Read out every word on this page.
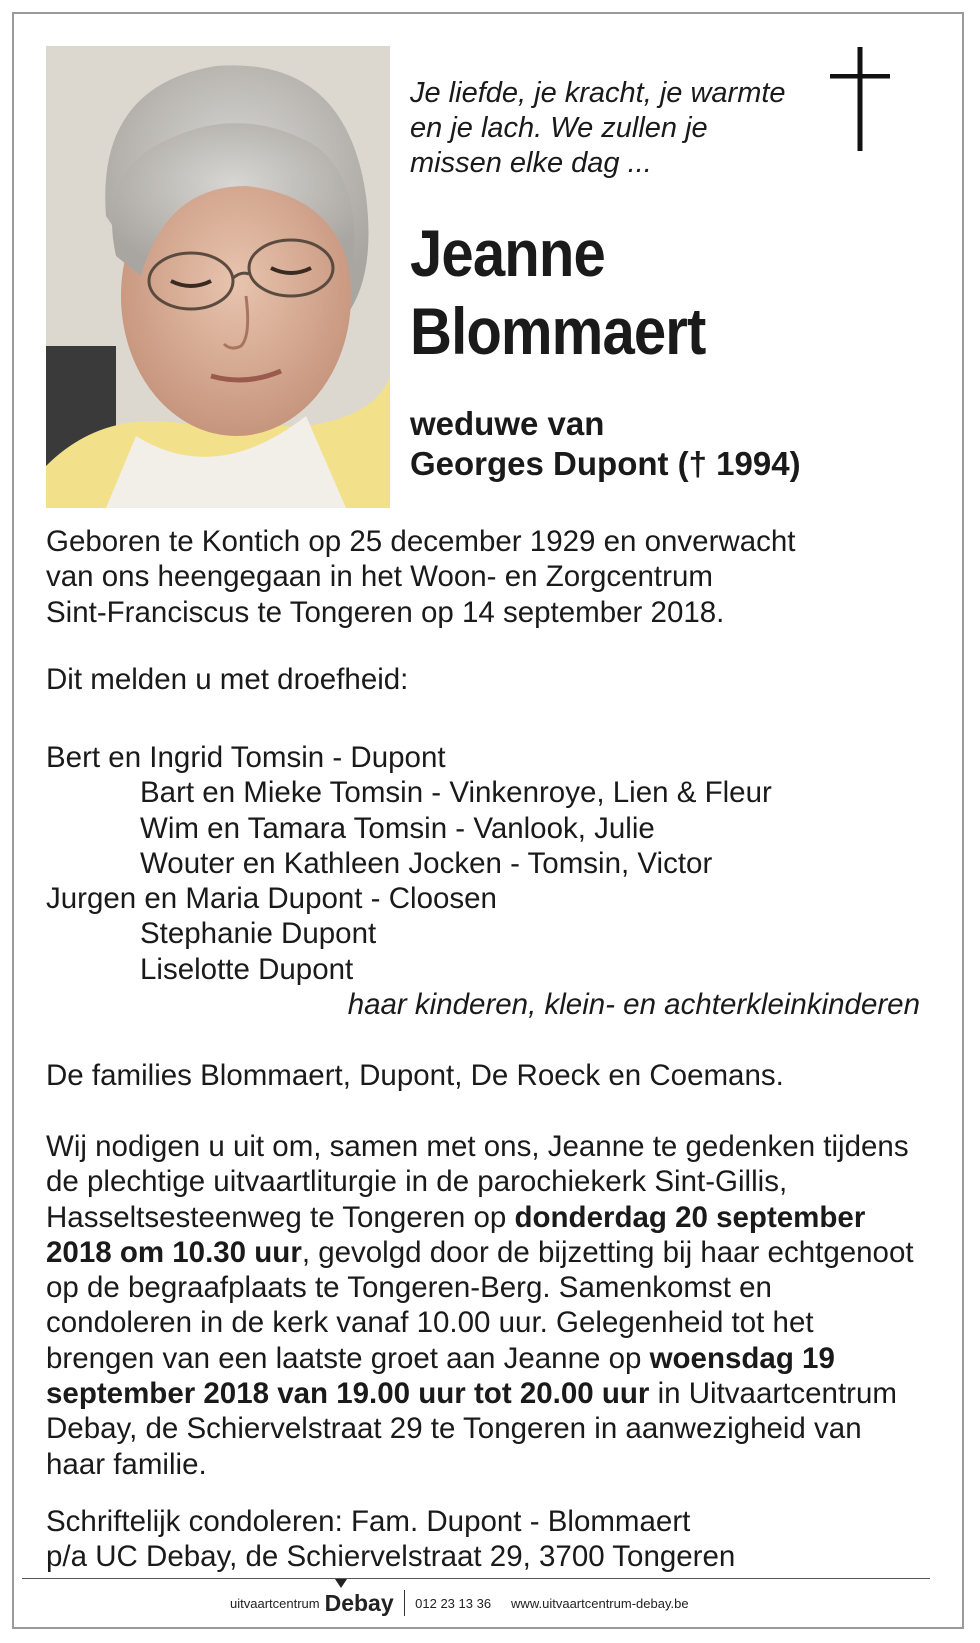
Je liefde, je kracht, je warmte
en je lach. We zullen je
missen elke dag ...
Jeanne
Blommaert
weduwe van
Georges Dupont († 1994)
Geboren te Kontich op 25 december 1929 en onverwacht
van ons heengegaan in het Woon- en Zorgcentrum
Sint-Franciscus te Tongeren op 14 september 2018.
Dit melden u met droefheid:
Bert en Ingrid Tomsin - Dupont
Bart en Mieke Tomsin - Vinkenroye, Lien & Fleur
Wim en Tamara Tomsin - Vanlook, Julie
Wouter en Kathleen Jocken - Tomsin, Victor
Jurgen en Maria Dupont - Cloosen
Stephanie Dupont
Liselotte Dupont
haar kinderen, klein- en achterkleinkinderen
De families Blommaert, Dupont, De Roeck en Coemans.
Wij nodigen u uit om, samen met ons, Jeanne te gedenken tijdens de plechtige uitvaartliturgie in de parochiekerk Sint-Gillis, Hasseltsesteenweg te Tongeren op donderdag 20 september 2018 om 10.30 uur, gevolgd door de bijzetting bij haar echtgenoot op de begraafplaats te Tongeren-Berg. Samenkomst en condoleren in de kerk vanaf 10.00 uur. Gelegenheid tot het brengen van een laatste groet aan Jeanne op woensdag 19 september 2018 van 19.00 uur tot 20.00 uur in Uitvaartcentrum Debay, de Schiervelstraat 29 te Tongeren in aanwezigheid van haar familie.
Schriftelijk condoleren: Fam. Dupont - Blommaert
p/a UC Debay, de Schiervelstraat 29, 3700 Tongeren
uitvaartcentrum Debay 012 23 13 36 www.uitvaartcentrum-debay.be
